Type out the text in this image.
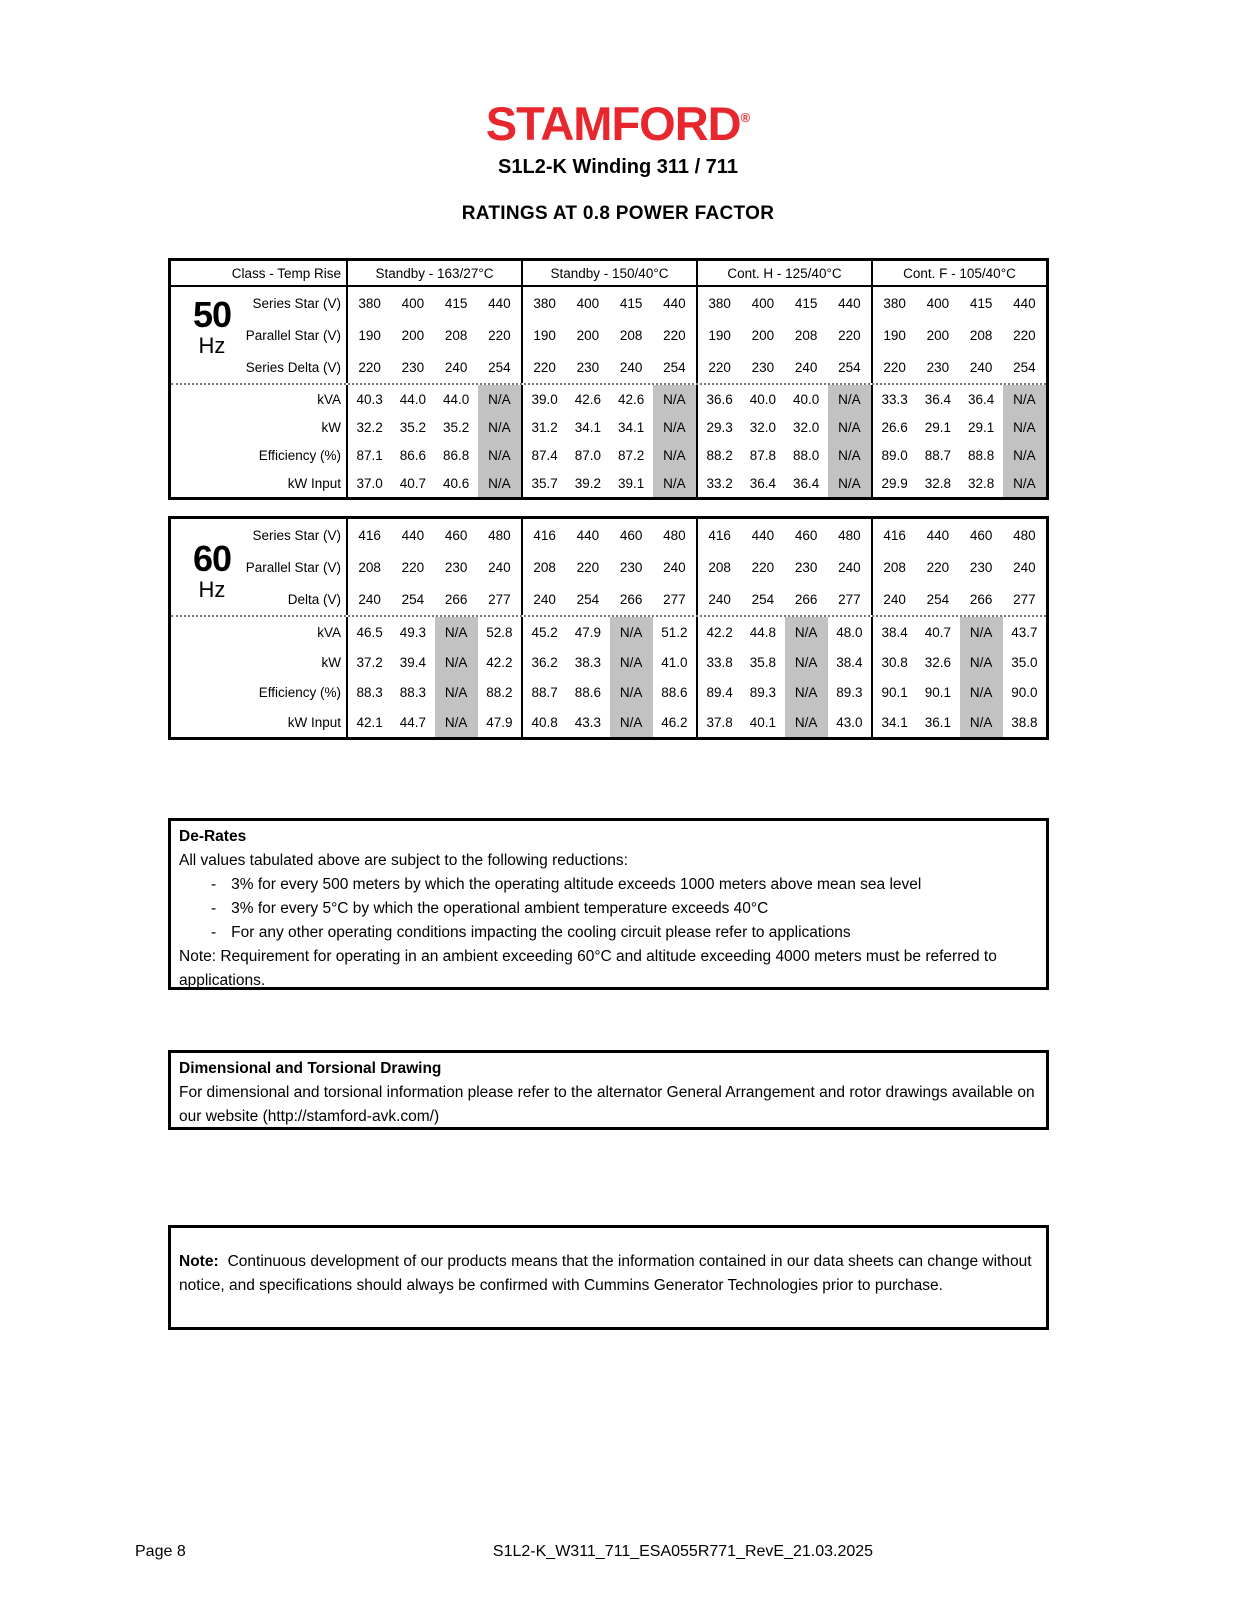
STAMFORD®
S1L2-K Winding 311 / 711
RATINGS AT 0.8 POWER FACTOR
Class - Temp Rise	Standby - 163/27°C	Standby - 150/40°C	Cont. H - 125/40°C	Cont. F - 105/40°C
Series Star (V)	380	400	415	440	380	400	415	440	380	400	415	440	380	400	415	440
Parallel Star (V)	190	200	208	220	190	200	208	220	190	200	208	220	190	200	208	220
Series Delta (V)	220	230	240	254	220	230	240	254	220	230	240	254	220	230	240	254
kVA	40.3	44.0	44.0	N/A	39.0	42.6	42.6	N/A	36.6	40.0	40.0	N/A	33.3	36.4	36.4	N/A
kW	32.2	35.2	35.2	N/A	31.2	34.1	34.1	N/A	29.3	32.0	32.0	N/A	26.6	29.1	29.1	N/A
Efficiency (%)	87.1	86.6	86.8	N/A	87.4	87.0	87.2	N/A	88.2	87.8	88.0	N/A	89.0	88.7	88.8	N/A
kW Input	37.0	40.7	40.6	N/A	35.7	39.2	39.1	N/A	33.2	36.4	36.4	N/A	29.9	32.8	32.8	N/A
50
Hz
Series Star (V)	416	440	460	480	416	440	460	480	416	440	460	480	416	440	460	480
Parallel Star (V)	208	220	230	240	208	220	230	240	208	220	230	240	208	220	230	240
Delta (V)	240	254	266	277	240	254	266	277	240	254	266	277	240	254	266	277
kVA	46.5	49.3	N/A	52.8	45.2	47.9	N/A	51.2	42.2	44.8	N/A	48.0	38.4	40.7	N/A	43.7
kW	37.2	39.4	N/A	42.2	36.2	38.3	N/A	41.0	33.8	35.8	N/A	38.4	30.8	32.6	N/A	35.0
Efficiency (%)	88.3	88.3	N/A	88.2	88.7	88.6	N/A	88.6	89.4	89.3	N/A	89.3	90.1	90.1	N/A	90.0
kW Input	42.1	44.7	N/A	47.9	40.8	43.3	N/A	46.2	37.8	40.1	N/A	43.0	34.1	36.1	N/A	38.8
60
Hz
De-Rates
All values tabulated above are subject to the following reductions:
- 3% for every 500 meters by which the operating altitude exceeds 1000 meters above mean sea level
- 3% for every 5°C by which the operational ambient temperature exceeds 40°C
- For any other operating conditions impacting the cooling circuit please refer to applications
Note: Requirement for operating in an ambient exceeding 60°C and altitude exceeding 4000 meters must be referred to applications.
Dimensional and Torsional Drawing
For dimensional and torsional information please refer to the alternator General Arrangement and rotor drawings available on our website (http://stamford-avk.com/)
Note: Continuous development of our products means that the information contained in our data sheets can change without notice, and specifications should always be confirmed with Cummins Generator Technologies prior to purchase.
Page 8	S1L2-K_W311_711_ESA055R771_RevE_21.03.2025
